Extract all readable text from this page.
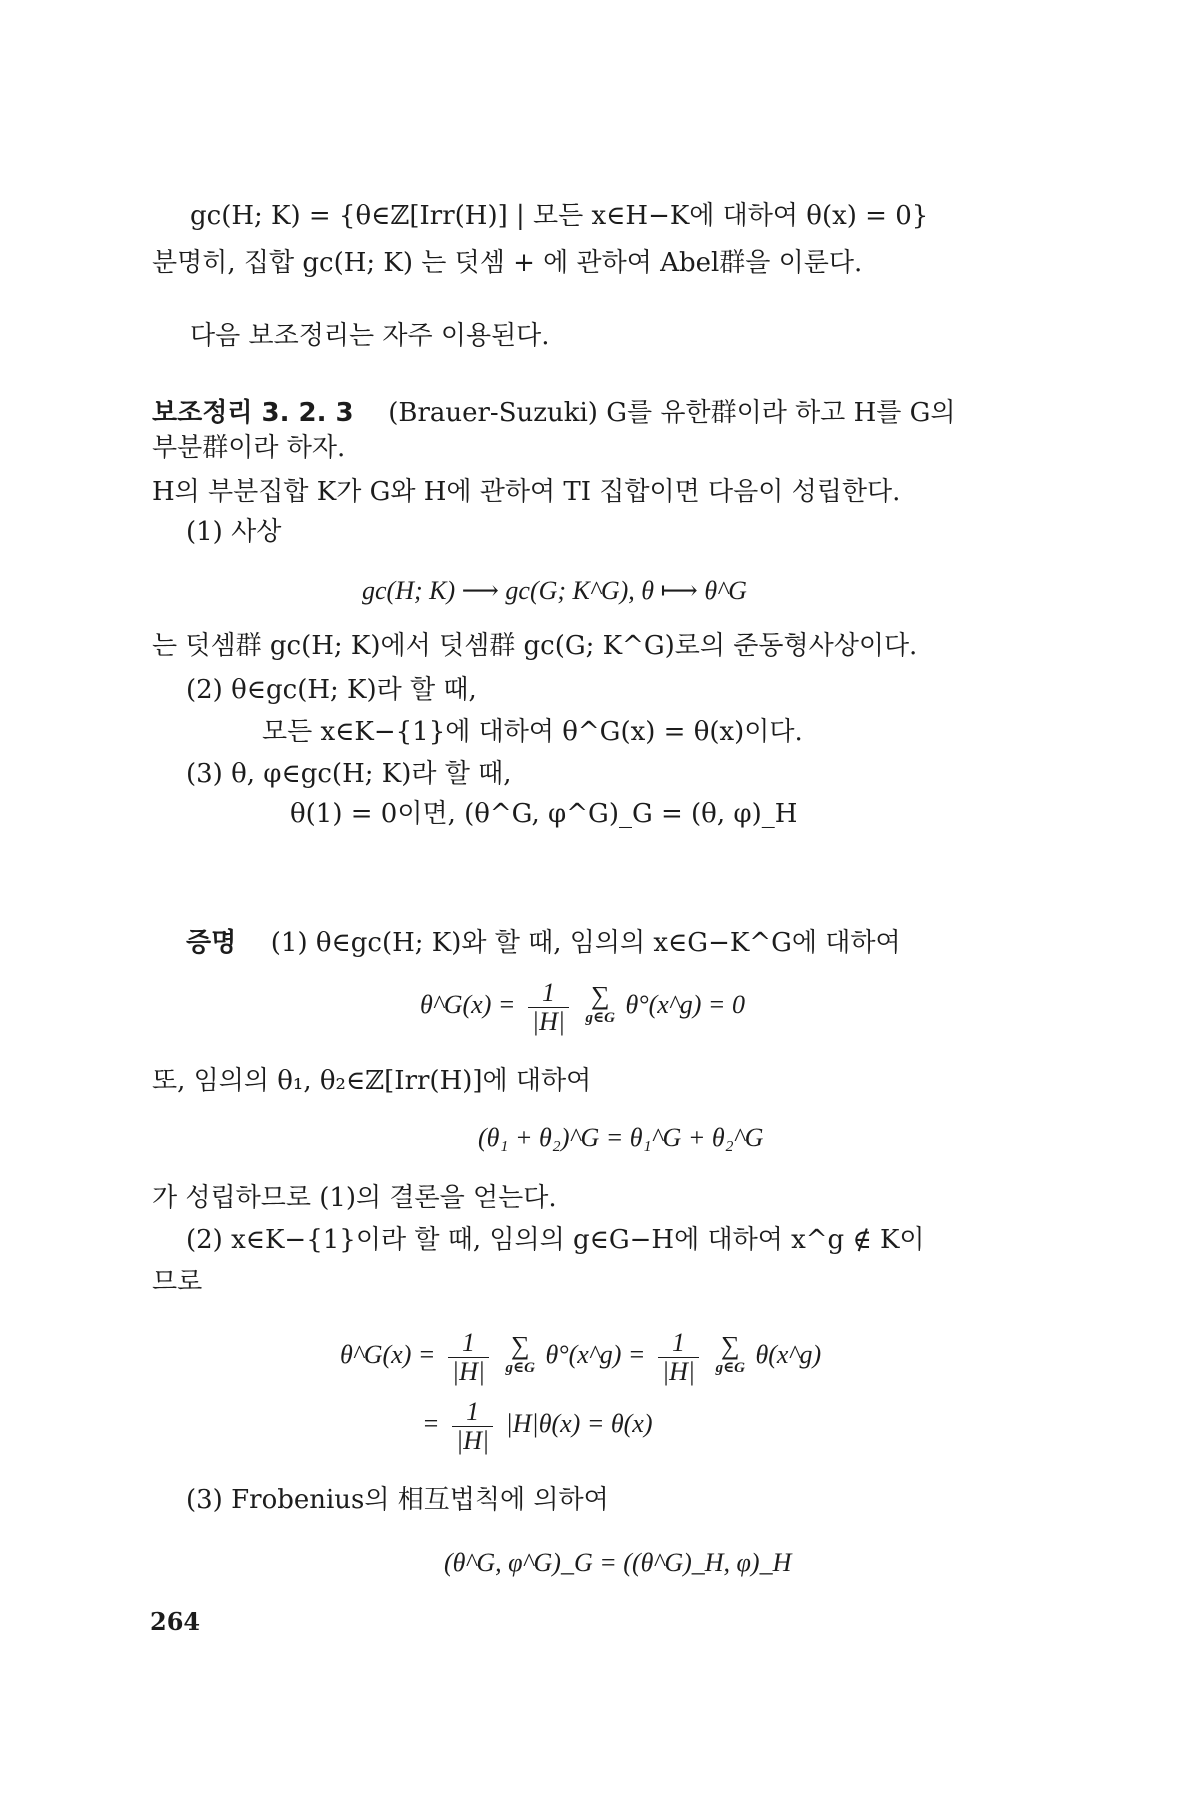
gc(H; K) = {θ∈ℤ[Irr(H)] | 모든 x∈H−K에 대하여 θ(x) = 0}
분명히, 집합 gc(H; K) 는 덧셈 + 에 관하여 Abel群을 이룬다.
다음 보조정리는 자주 이용된다.
보조정리 3. 2. 3 (Brauer-Suzuki) G를 유한群이라 하고 H를 G의
부분群이라 하자.
H의 부분집합 K가 G와 H에 관하여 TI 집합이면 다음이 성립한다.
(1) 사상
gc(H; K) ⟶ gc(G; K^G), θ ⟼ θ^G
는 덧셈群 gc(H; K)에서 덧셈群 gc(G; K^G)로의 준동형사상이다.
(2) θ∈gc(H; K)라 할 때,
모든 x∈K−{1}에 대하여 θ^G(x) = θ(x)이다.
(3) θ, φ∈gc(H; K)라 할 때,
θ(1) = 0이면, (θ^G, φ^G)_G = (θ, φ)_H
증명 (1) θ∈gc(H; K)와 할 때, 임의의 x∈G−K^G에 대하여
θ^G(x) = $\frac{1}{|H|}$
∑
g∈G θ°(x^g) = 0
또, 임의의 θ₁, θ₂∈ℤ[Irr(H)]에 대하여
(θ₁ + θ₂)^G = θ₁^G + θ₂^G
가 성립하므로 (1)의 결론을 얻는다.
(2) x∈K−{1}이라 할 때, 임의의 g∈G−H에 대하여 x^g ∉ K이
므로
θ^G(x) = $\frac{1}{|H|}$
∑
g∈G θ°(x^g) = $\frac{1}{|H|}$
∑
g∈G θ(x^g)
= $\frac{1}{|H|} |H|\theta(x) = \theta(x)$
(3) Frobenius의 相互법칙에 의하여
(θ^G, φ^G)_G = ((θ^G)_H, φ)_H
264
